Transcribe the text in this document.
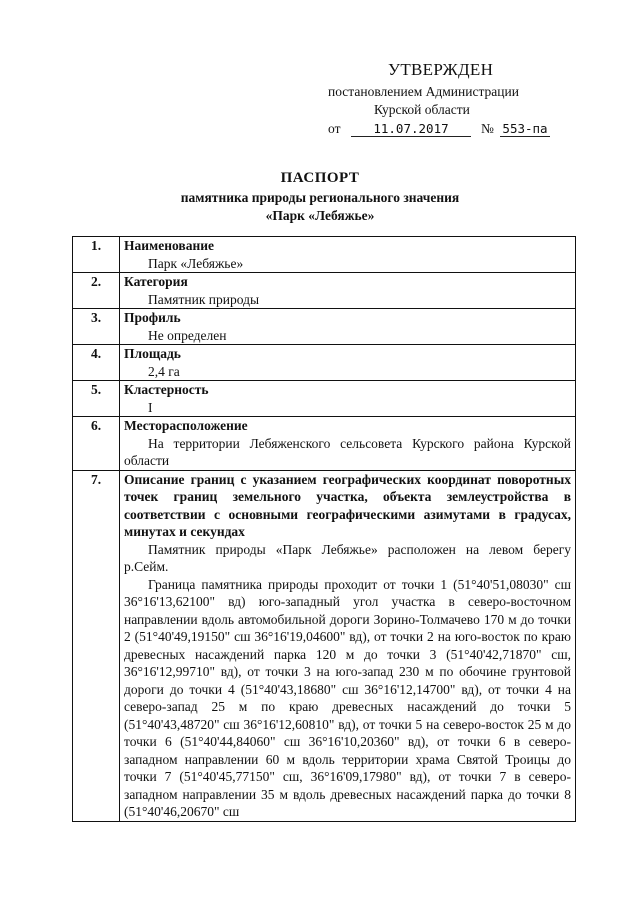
УТВЕРЖДЕН
постановлением Администрации
Курской области
от	11.07.2017	№ 553-па
ПАСПОРТ
памятника природы регионального значения
«Парк «Лебяжье»
1.	Наименование
Парк «Лебяжье»

2.	Категория
Памятник природы

3.	Профиль
Не определен

4.	Площадь
2,4 га

5.	Кластерность
I

6.	Месторасположение
На территории Лебяженского сельсовета Курского района Курской области

7.	Описание границ с указанием географических координат поворотных точек границ земельного участка, объекта землеустройства в соответствии с основными географическими азимутами в градусах, минутах и секундах
Памятник природы «Парк Лебяжье» расположен на левом берегу р.Сейм.
Граница памятника природы проходит от точки 1 (51°40'51,08030" сш 36°16'13,62100" вд) юго-западный угол участка в северо-восточном направлении вдоль автомобильной дороги Зорино-Толмачево 170 м до точки 2 (51°40'49,19150" сш 36°16'19,04600" вд), от точки 2 на юго-восток по краю древесных насаждений парка 120 м до точки 3 (51°40'42,71870" сш, 36°16'12,99710" вд), от точки 3 на юго-запад 230 м по обочине грунтовой дороги до точки 4 (51°40'43,18680" сш 36°16'12,14700" вд), от точки 4 на северо-запад 25 м по краю древесных насаждений до точки 5 (51°40'43,48720" сш 36°16'12,60810" вд), от точки 5 на северо-восток 25 м до точки 6 (51°40'44,84060" сш 36°16'10,20360" вд), от точки 6 в северо-западном направлении 60 м вдоль территории храма Святой Троицы до точки 7 (51°40'45,77150" сш, 36°16'09,17980" вд), от точки 7 в северо-западном направлении 35 м вдоль древесных насаждений парка до точки 8 (51°40'46,20670" сш
